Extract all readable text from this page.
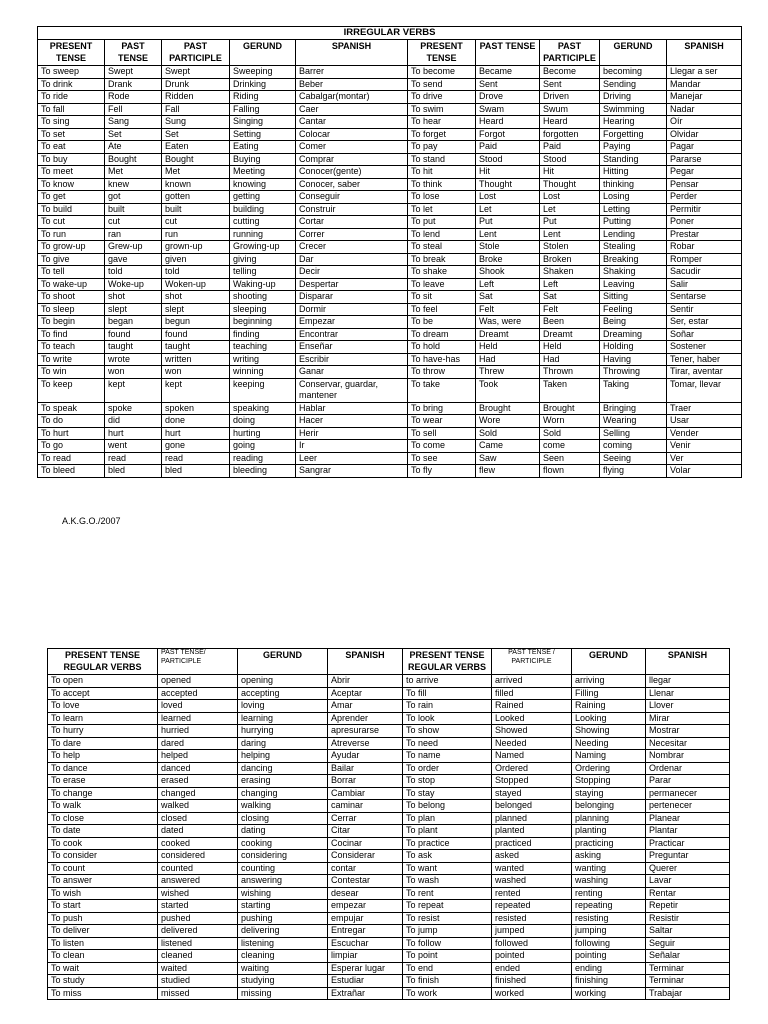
IRREGULAR VERBS									
PRESENT TENSE	PAST TENSE	PAST PARTICIPLE	GERUND	SPANISH	PRESENT TENSE	PAST TENSE	PAST PARTICIPLE	GERUND	SPANISH
To sweep	Swept	Swept	Sweeping	Barrer	To become	Became	Become	becoming	Llegar a ser
To drink	Drank	Drunk	Drinking	Beber	To send	Sent	Sent	Sending	Mandar
To ride	Rode	Ridden	Riding	Cabalgar(montar)	To drive	Drove	Driven	Driving	Manejar
To fall	Fell	Fall	Falling	Caer	To swim	Swam	Swum	Swimming	Nadar
To sing	Sang	Sung	Singing	Cantar	To hear	Heard	Heard	Hearing	Oír
To set	Set	Set	Setting	Colocar	To forget	Forgot	forgotten	Forgetting	Olvidar
To eat	Ate	Eaten	Eating	Comer	To pay	Paid	Paid	Paying	Pagar
To buy	Bought	Bought	Buying	Comprar	To stand	Stood	Stood	Standing	Pararse
To meet	Met	Met	Meeting	Conocer(gente)	To hit	Hit	Hit	Hitting	Pegar
To know	knew	known	knowing	Conocer, saber	To think	Thought	Thought	thinking	Pensar
To get	got	gotten	getting	Conseguir	To lose	Lost	Lost	Losing	Perder
To build	built	built	building	Construir	To let	Let	Let	Letting	Permitir
To cut	cut	cut	cutting	Cortar	To put	Put	Put	Putting	Poner
To run	ran	run	running	Correr	To lend	Lent	Lent	Lending	Prestar
To grow-up	Grew-up	grown-up	Growing-up	Crecer	To steal	Stole	Stolen	Stealing	Robar
To give	gave	given	giving	Dar	To break	Broke	Broken	Breaking	Romper
To tell	told	told	telling	Decir	To shake	Shook	Shaken	Shaking	Sacudir
To wake-up	Woke-up	Woken-up	Waking-up	Despertar	To leave	Left	Left	Leaving	Salir
To shoot	shot	shot	shooting	Disparar	To sit	Sat	Sat	Sitting	Sentarse
To sleep	slept	slept	sleeping	Dormir	To feel	Felt	Felt	Feeling	Sentir
To begin	began	begun	beginning	Empezar	To be	Was, were	Been	Being	Ser, estar
To find	found	found	finding	Encontrar	To dream	Dreamt	Dreamt	Dreaming	Soñar
To teach	taught	taught	teaching	Enseñar	To hold	Held	Held	Holding	Sostener
To write	wrote	written	writing	Escribir	To have-has	Had	Had	Having	Tener, haber
To win	won	won	winning	Ganar	To throw	Threw	Thrown	Throwing	Tirar, aventar
To keep	kept	kept	keeping	Conservar, guardar, mantener	To take	Took	Taken	Taking	Tomar, llevar
To speak	spoke	spoken	speaking	Hablar	To bring	Brought	Brought	Bringing	Traer
To do	did	done	doing	Hacer	To wear	Wore	Worn	Wearing	Usar
To hurt	hurt	hurt	hurting	Herir	To sell	Sold	Sold	Selling	Vender
To go	went	gone	going	Ir	To come	Came	come	coming	Venir
To read	read	read	reading	Leer	To see	Saw	Seen	Seeing	Ver
To bleed	bled	bled	bleeding	Sangrar	To fly	flew	flown	flying	Volar
A.K.G.O./2007
PRESENT TENSE REGULAR VERBS	PAST TENSE/ PARTICIPLE	GERUND	SPANISH	PRESENT TENSE REGULAR VERBS	PAST TENSE / PARTICIPLE	GERUND	SPANISH
To open	opened	opening	Abrir	to arrive	arrived	arriving	llegar
To accept	accepted	accepting	Aceptar	To fill	filled	Filling	Llenar
To love	loved	loving	Amar	To rain	Rained	Raining	Llover
To learn	learned	learning	Aprender	To look	Looked	Looking	Mirar
To hurry	hurried	hurrying	apresurarse	To show	Showed	Showing	Mostrar
To dare	dared	daring	Atreverse	To need	Needed	Needing	Necesitar
To help	helped	helping	Ayudar	To name	Named	Naming	Nombrar
To dance	danced	dancing	Bailar	To order	Ordered	Ordering	Ordenar
To erase	erased	erasing	Borrar	To stop	Stopped	Stopping	Parar
To change	changed	changing	Cambiar	To stay	stayed	staying	permanecer
To walk	walked	walking	caminar	To belong	belonged	belonging	pertenecer
To close	closed	closing	Cerrar	To plan	planned	planning	Planear
To date	dated	dating	Citar	To plant	planted	planting	Plantar
To cook	cooked	cooking	Cocinar	To practice	practiced	practicing	Practicar
To consider	considered	considering	Considerar	To ask	asked	asking	Preguntar
To count	counted	counting	contar	To want	wanted	wanting	Querer
To answer	answered	answering	Contestar	To wash	washed	washing	Lavar
To wish	wished	wishing	desear	To rent	rented	renting	Rentar
To start	started	starting	empezar	To repeat	repeated	repeating	Repetir
To push	pushed	pushing	empujar	To resist	resisted	resisting	Resistir
To deliver	delivered	delivering	Entregar	To jump	jumped	jumping	Saltar
To listen	listened	listening	Escuchar	To follow	followed	following	Seguir
To clean	cleaned	cleaning	limpiar	To point	pointed	pointing	Señalar
To wait	waited	waiting	Esperar lugar	To end	ended	ending	Terminar
To study	studied	studying	Estudiar	To finish	finished	finishing	Terminar
To miss	missed	missing	Extrañar	To work	worked	working	Trabajar
